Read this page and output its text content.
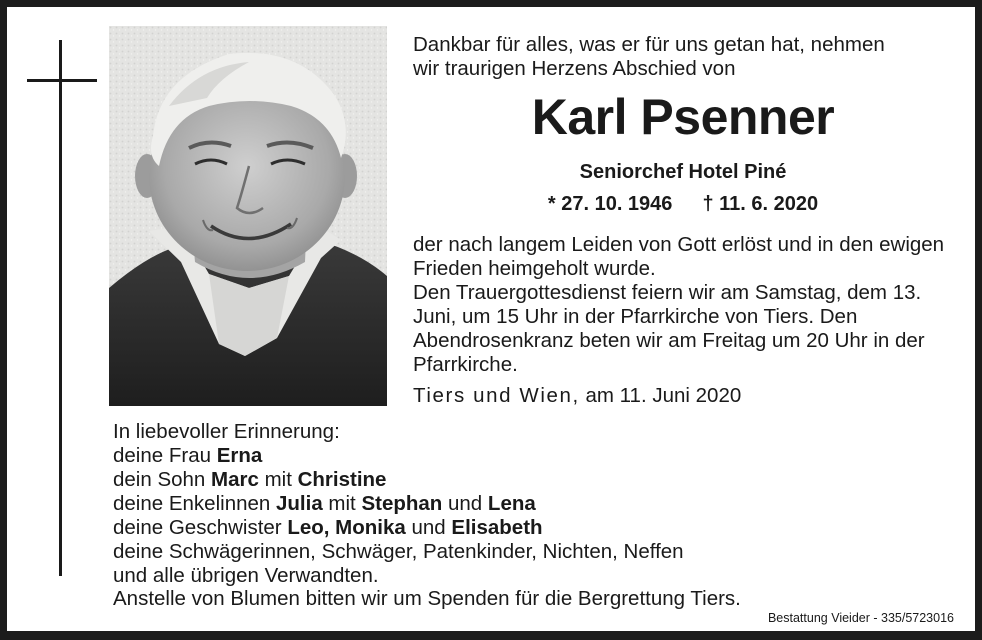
Dankbar für alles, was er für uns getan hat, nehmen
wir traurigen Herzens Abschied von
Karl Psenner
Seniorchef Hotel Piné
* 27. 10. 1946 † 11. 6. 2020

der nach langem Leiden von Gott erlöst und in den ewigen Frieden heimgeholt wurde.

Den Trauergottesdienst feiern wir am Samstag, dem 13. Juni, um 15 Uhr in der Pfarrkirche von Tiers. Den Abendrosenkranz beten wir am Freitag um 20 Uhr in der Pfarrkirche.

Tiers und Wien, am 11. Juni 2020
In liebevoller Erinnerung:
deine Frau Erna
dein Sohn Marc mit Christine
deine Enkelinnen Julia mit Stephan und Lena
deine Geschwister Leo, Monika und Elisabeth
deine Schwägerinnen, Schwäger, Patenkinder, Nichten, Neffen
und alle übrigen Verwandten.
Anstelle von Blumen bitten wir um Spenden für die Bergrettung Tiers.
Bestattung Vieider - 335/5723016
